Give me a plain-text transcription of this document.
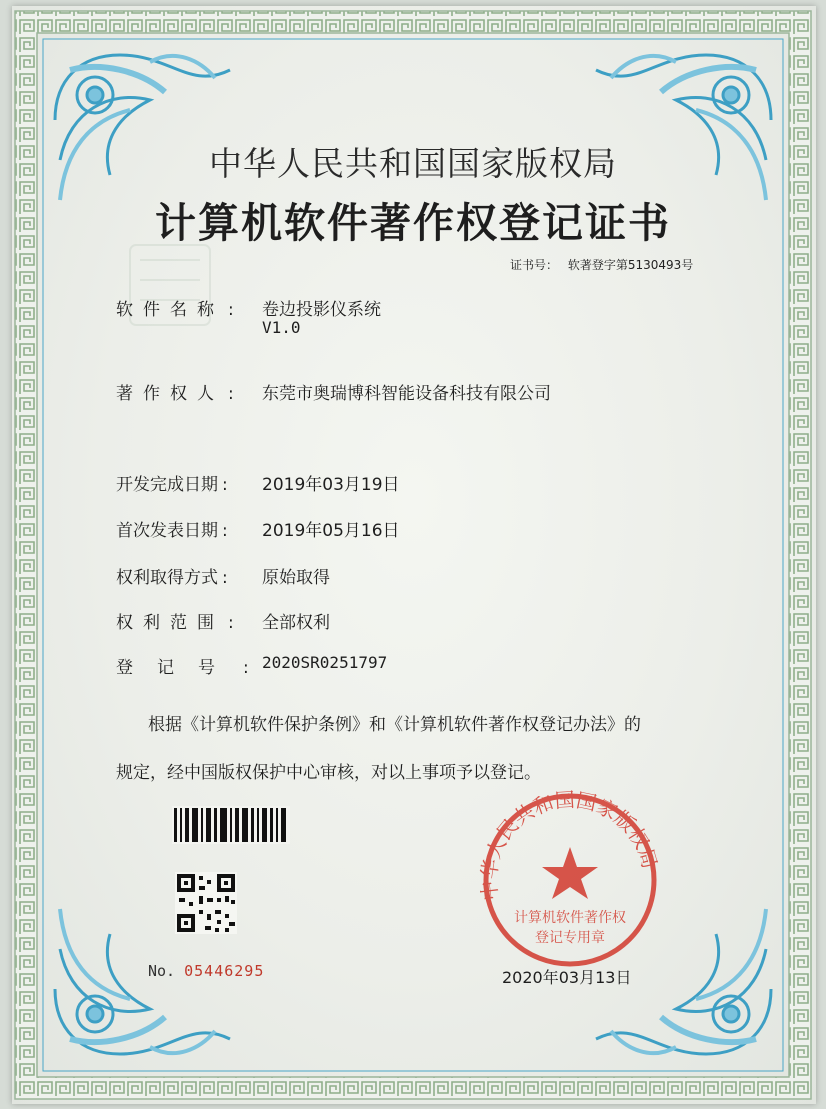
中华人民共和国国家版权局
计算机软件著作权
登记专用章
中华人民共和国国家版权局
计算机软件著作权登记证书
证书号： 软著登字第5130493号
软件名称 : 卷边投影仪系统
V1.0
著作权人 : 东莞市奥瑞博科智能设备科技有限公司
开发完成日期 : 2019年03月19日
首次发表日期 : 2019年05月16日
权利取得方式 : 原始取得
权利范围 : 全部权利
登记号 : 2020SR0251797
根据《计算机软件保护条例》和《计算机软件著作权登记办法》的
规定，经中国版权保护中心审核，对以上事项予以登记。
No. 05446295	2020年03月13日
